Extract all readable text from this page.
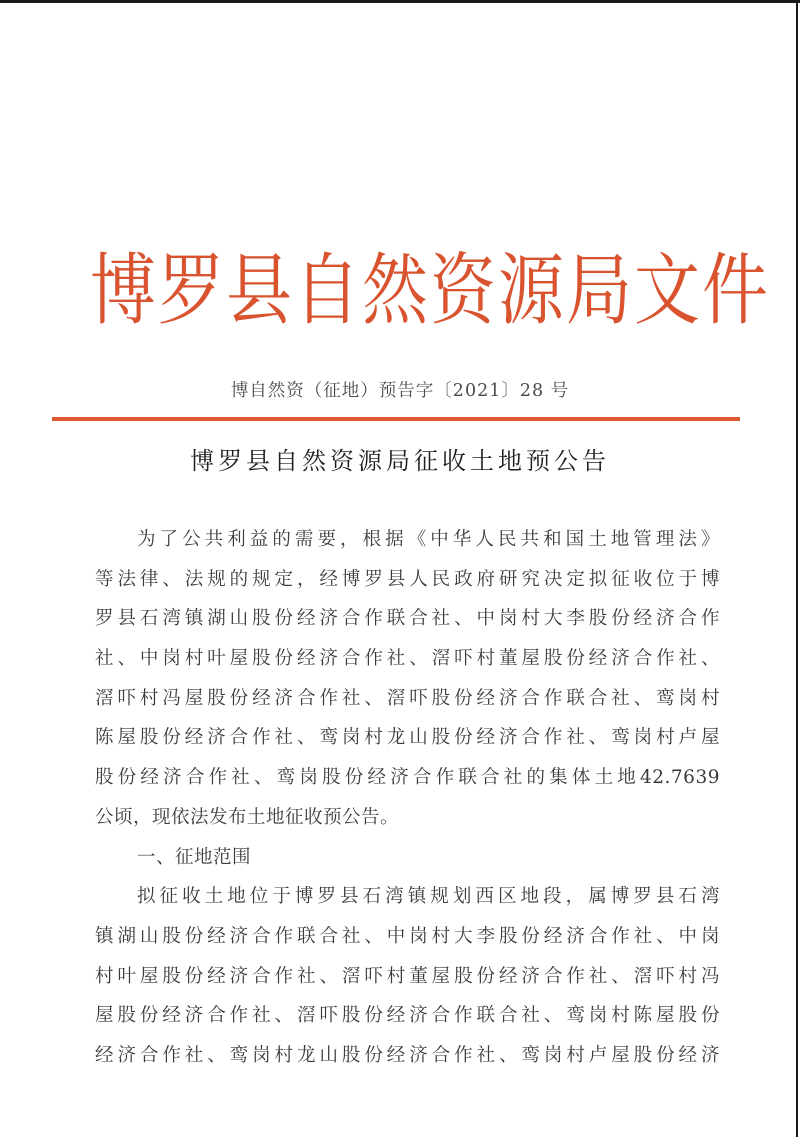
博罗县自然资源局文件
博自然资（征地）预告字〔2021〕28 号
博罗县自然资源局征收土地预公告
为了公共利益的需要，根据《中华人民共和国土地管理法》
等法律、法规的规定，经博罗县人民政府研究决定拟征收位于博
罗县石湾镇湖山股份经济合作联合社、中岗村大李股份经济合作
社、中岗村叶屋股份经济合作社、滘吓村董屋股份经济合作社、
滘吓村冯屋股份经济合作社、滘吓股份经济合作联合社、鸾岗村
陈屋股份经济合作社、鸾岗村龙山股份经济合作社、鸾岗村卢屋
股份经济合作社、鸾岗股份经济合作联合社的集体土地42.7639
公顷，现依法发布土地征收预公告。
一、征地范围
拟征收土地位于博罗县石湾镇规划西区地段，属博罗县石湾
镇湖山股份经济合作联合社、中岗村大李股份经济合作社、中岗
村叶屋股份经济合作社、滘吓村董屋股份经济合作社、滘吓村冯
屋股份经济合作社、滘吓股份经济合作联合社、鸾岗村陈屋股份
经济合作社、鸾岗村龙山股份经济合作社、鸾岗村卢屋股份经济
